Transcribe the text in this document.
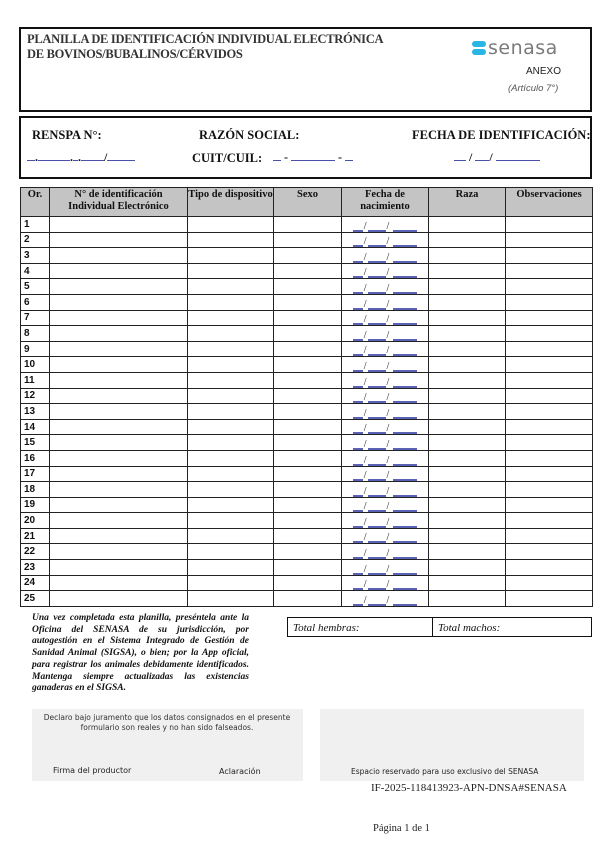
PLANILLA DE IDENTIFICACIÓN INDIVIDUAL ELECTRÓNICA
DE BOVINOS/BUBALINOS/CÉRVIDOS	senasa
ANEXO
(Artículo 7°)
RENSPA N°:	RAZÓN SOCIAL:	FECHA DE IDENTIFICACIÓN:
.	. . /	CUIT/CUIL:	-	-	/ /
Or.	N° de identificación Individual Electrónico	Tipo de dispositivo	Sexo	Fecha de nacimiento	Raza	Observaciones
1				/ /		

2				/ /		

3				/ /		

4				/ /		

5				/ /		

6				/ /		

7				/ /		

8				/ /		

9				/ /		

10				/ /		

11				/ /		

12				/ /		

13				/ /		

14				/ /		

15				/ /		

16				/ /		

17				/ /		

18				/ /		

19				/ /		

20				/ /		

21				/ /		

22				/ /		

23				/ /		

24				/ /		

25				/ /		

Una vez completada esta planilla, preséntela ante la Oficina del SENASA de su jurisdicción, por autogestión en el Sistema Integrado de Gestión de Sanidad Animal (SIGSA), o bien; por la App oficial, para registrar los animales debidamente identificados. Mantenga siempre actualizadas las existencias ganaderas en el SIGSA.
Total hembras:	Total machos:
Declaro bajo juramento que los datos consignados en el presente formulario son reales y no han sido falseados.
Firma del productor	Aclaración	Espacio reservado para uso exclusivo del SENASA
IF-2025-118413923-APN-DNSA#SENASA
Página 1 de 1
